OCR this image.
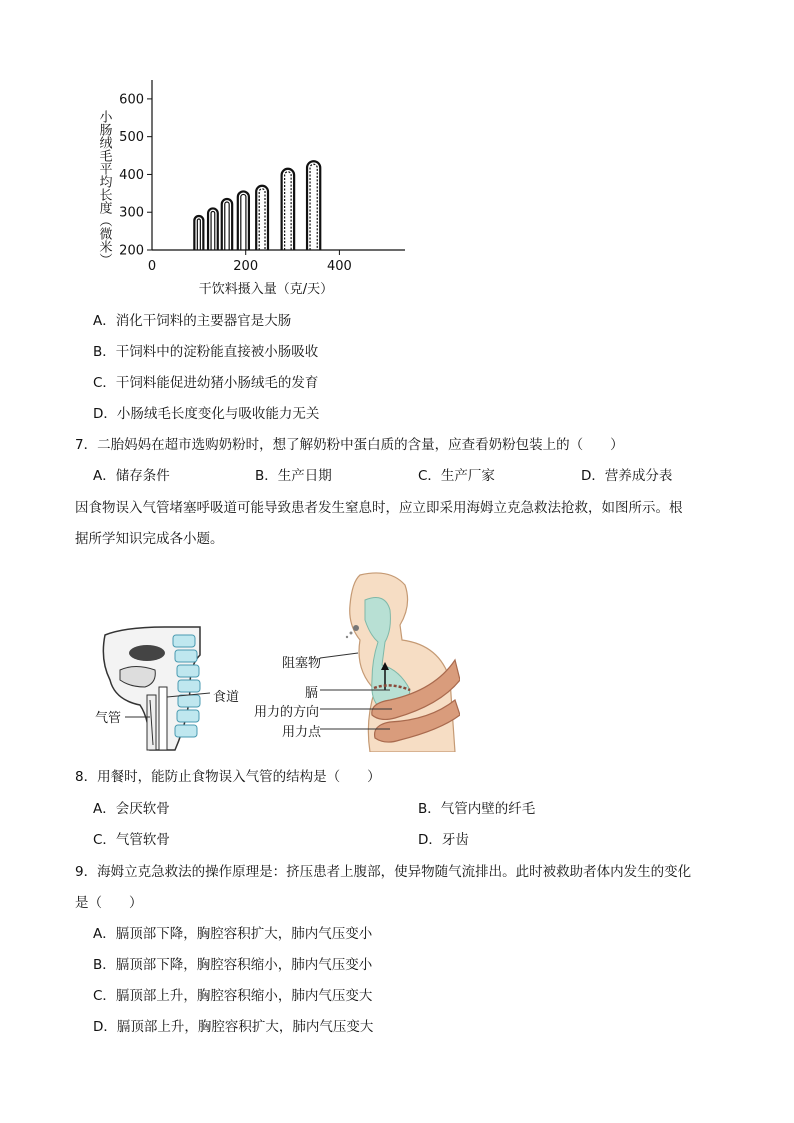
200
300
400
500
600
0	200	400
小肠绒毛平均长度（微米）
干饮料摄入量（克/天）
A．消化干饲料的主要器官是大肠
B．干饲料中的淀粉能直接被小肠吸收
C．干饲料能促进幼猪小肠绒毛的发育
D．小肠绒毛长度变化与吸收能力无关
7．二胎妈妈在超市选购奶粉时，想了解奶粉中蛋白质的含量，应查看奶粉包装上的（　　）
A．储存条件	B．生产日期	C．生产厂家	D．营养成分表
因食物误入气管堵塞呼吸道可能导致患者发生窒息时，应立即采用海姆立克急救法抢救，如图所示。根
据所学知识完成各小题。
食道
气管
阻塞物
膈
用力的方向
用力点
8．用餐时，能防止食物误入气管的结构是（　　）
A．会厌软骨	B．气管内壁的纤毛
C．气管软骨	D．牙齿
9．海姆立克急救法的操作原理是：挤压患者上腹部，使异物随气流排出。此时被救助者体内发生的变化
是（　　）
A．膈顶部下降，胸腔容积扩大，肺内气压变小
B．膈顶部下降，胸腔容积缩小，肺内气压变小
C．膈顶部上升，胸腔容积缩小，肺内气压变大
D．膈顶部上升，胸腔容积扩大，肺内气压变大
